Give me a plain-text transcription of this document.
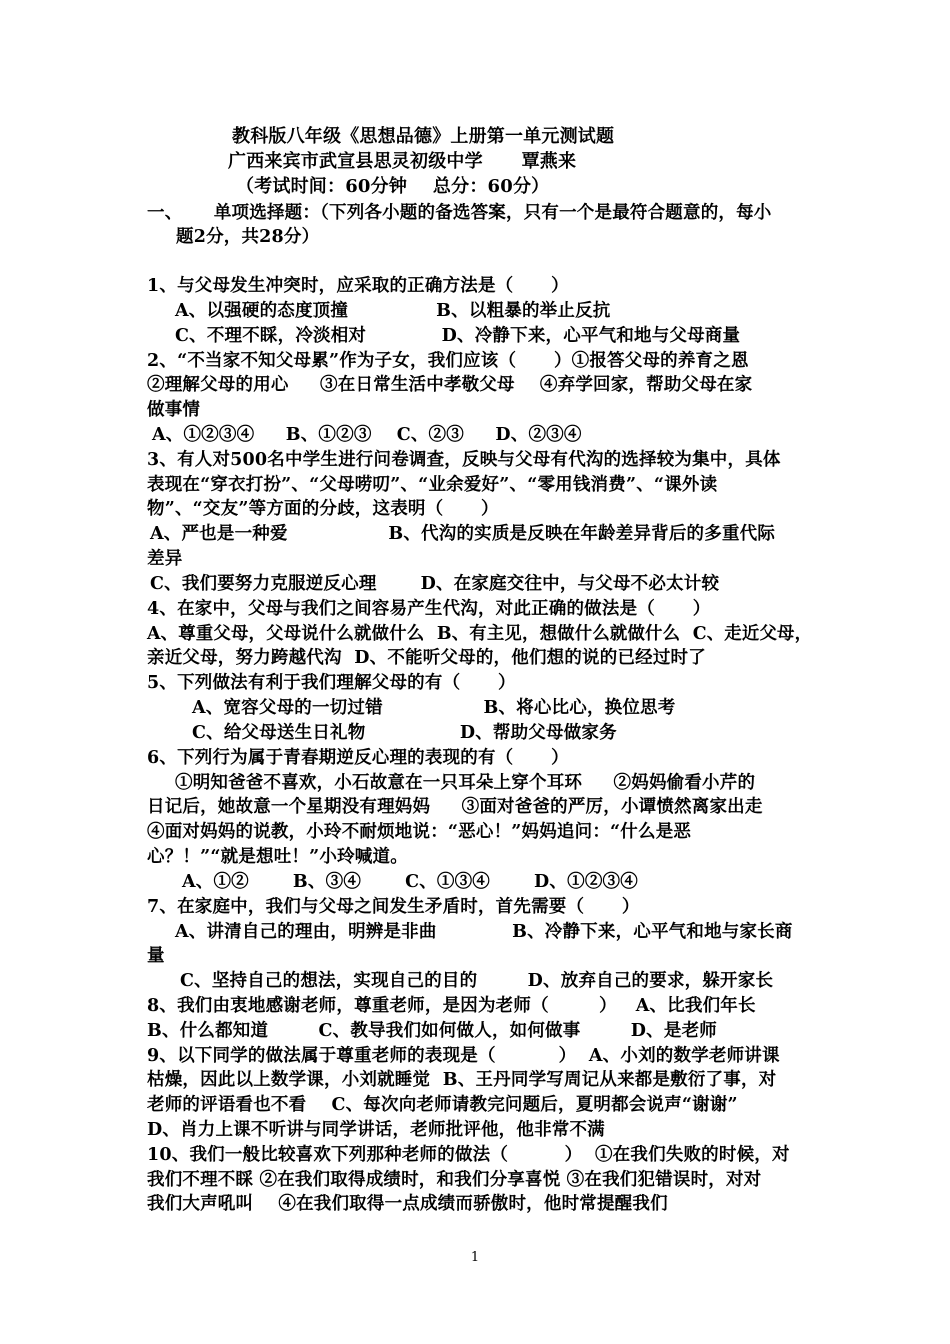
教科版八年级《思想品德》上册第一单元测试题
广西来宾市武宣县思灵初级中学      覃燕来
（考试时间：60分钟    总分：60分）
一、     单项选择题：（下列各小题的备选答案，只有一个是最符合题意的，每小
题2分，共28分）
1、与父母发生冲突时，应采取的正确方法是（      ）
A、以强硬的态度顶撞              B、以粗暴的举止反抗
C、不理不睬，冷淡相对            D、冷静下来，心平气和地与父母商量
2、“不当家不知父母累”作为子女，我们应该（      ）①报答父母的养育之恩
②理解父母的用心     ③在日常生活中孝敬父母    ④弃学回家，帮助父母在家
做事情
A、①②③④     B、①②③    C、②③     D、②③④
3、有人对500名中学生进行问卷调查，反映与父母有代沟的选择较为集中，具体
表现在“穿衣打扮”、“父母唠叨”、“业余爱好”、“零用钱消费”、“课外读
物”、“交友”等方面的分歧，这表明（      ）
A、严也是一种爱                B、代沟的实质是反映在年龄差异背后的多重代际
差异
C、我们要努力克服逆反心理       D、在家庭交往中，与父母不必太计较
4、在家中，父母与我们之间容易产生代沟，对此正确的做法是（      ）
A、尊重父母，父母说什么就做什么  B、有主见，想做什么就做什么  C、走近父母，
亲近父母，努力跨越代沟  D、不能听父母的，他们想的说的已经过时了
5、下列做法有利于我们理解父母的有（      ）
A、宽容父母的一切过错                B、将心比心，换位思考
C、给父母送生日礼物               D、帮助父母做家务
6、下列行为属于青春期逆反心理的表现的有（      ）
①明知爸爸不喜欢，小石故意在一只耳朵上穿个耳环     ②妈妈偷看小芹的
日记后，她故意一个星期没有理妈妈     ③面对爸爸的严厉，小谭愤然离家出走
④面对妈妈的说教，小玲不耐烦地说：“恶心！”妈妈追问：“什么是恶
心？！”“就是想吐！”小玲喊道。
A、①②       B、③④       C、①③④       D、①②③④
7、在家庭中，我们与父母之间发生矛盾时，首先需要（      ）
A、讲清自己的理由，明辨是非曲            B、冷静下来，心平气和地与家长商
量
C、坚持自己的想法，实现自己的目的        D、放弃自己的要求，躲开家长
8、我们由衷地感谢老师，尊重老师，是因为老师（        ）   A、比我们年长
B、什么都知道        C、教导我们如何做人，如何做事        D、是老师
9、以下同学的做法属于尊重老师的表现是（          ）  A、小刘的数学老师讲课
枯燥，因此以上数学课，小刘就睡觉  B、王丹同学写周记从来都是敷衍了事，对
老师的评语看也不看    C、每次向老师请教完问题后，夏明都会说声“谢谢”
D、肖力上课不听讲与同学讲话，老师批评他，他非常不满
10、我们一般比较喜欢下列那种老师的做法（         ）  ①在我们失败的时候，对
我们不理不睬 ②在我们取得成绩时，和我们分享喜悦 ③在我们犯错误时，对对
我们大声吼叫    ④在我们取得一点成绩而骄傲时，他时常提醒我们
1
